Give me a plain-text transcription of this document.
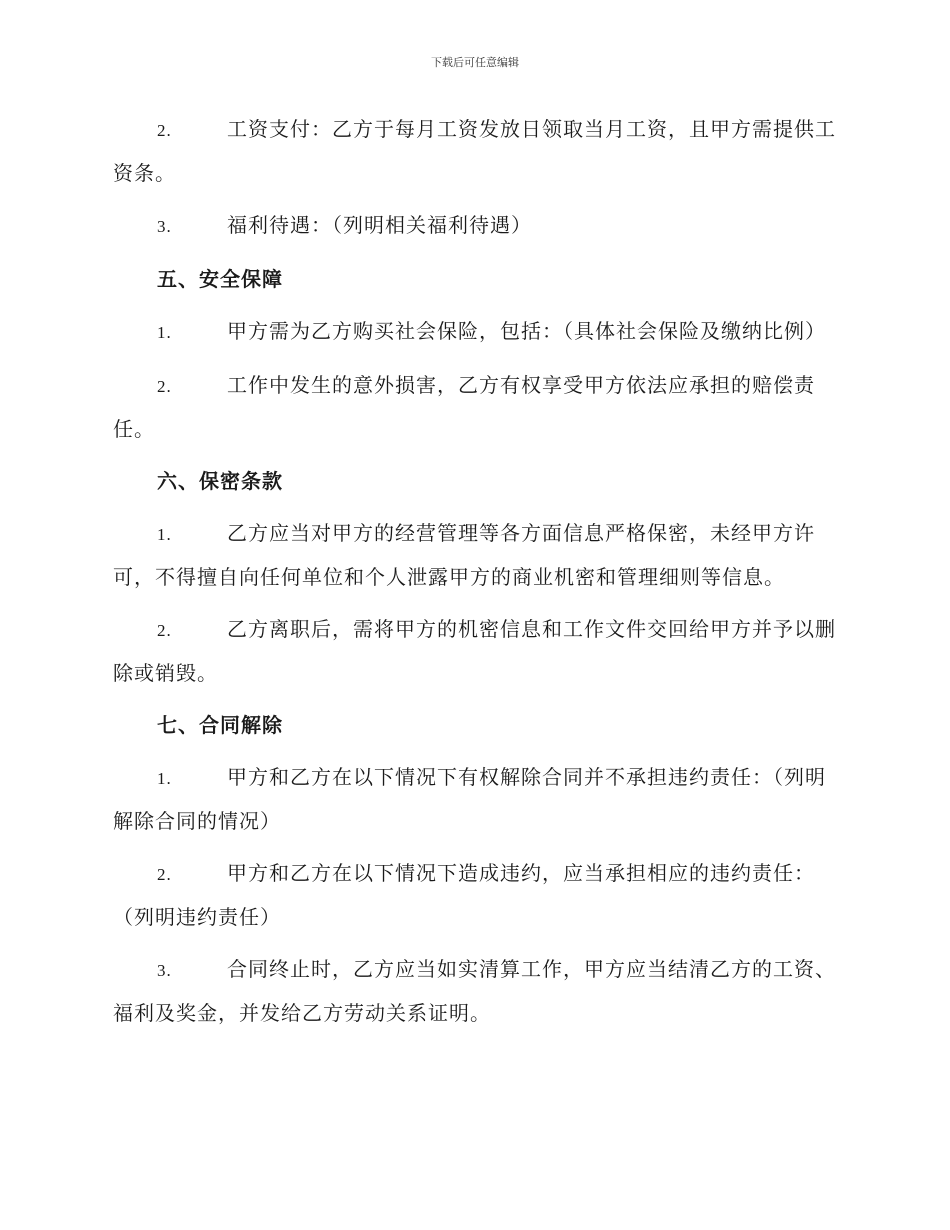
下载后可任意编辑

2.	工资支付：乙方于每月工资发放日领取当月工资，且甲方需提供工资条。

3.	福利待遇：（列明相关福利待遇）

五、安全保障

1.	甲方需为乙方购买社会保险，包括：（具体社会保险及缴纳比例）

2.	工作中发生的意外损害，乙方有权享受甲方依法应承担的赔偿责任。

六、保密条款

1.	乙方应当对甲方的经营管理等各方面信息严格保密，未经甲方许可，不得擅自向任何单位和个人泄露甲方的商业机密和管理细则等信息。

2.	乙方离职后，需将甲方的机密信息和工作文件交回给甲方并予以删除或销毁。

七、合同解除

1.	甲方和乙方在以下情况下有权解除合同并不承担违约责任：（列明解除合同的情况）

2.	甲方和乙方在以下情况下造成违约，应当承担相应的违约责任：（列明违约责任）

3.	合同终止时，乙方应当如实清算工作，甲方应当结清乙方的工资、福利及奖金，并发给乙方劳动关系证明。
